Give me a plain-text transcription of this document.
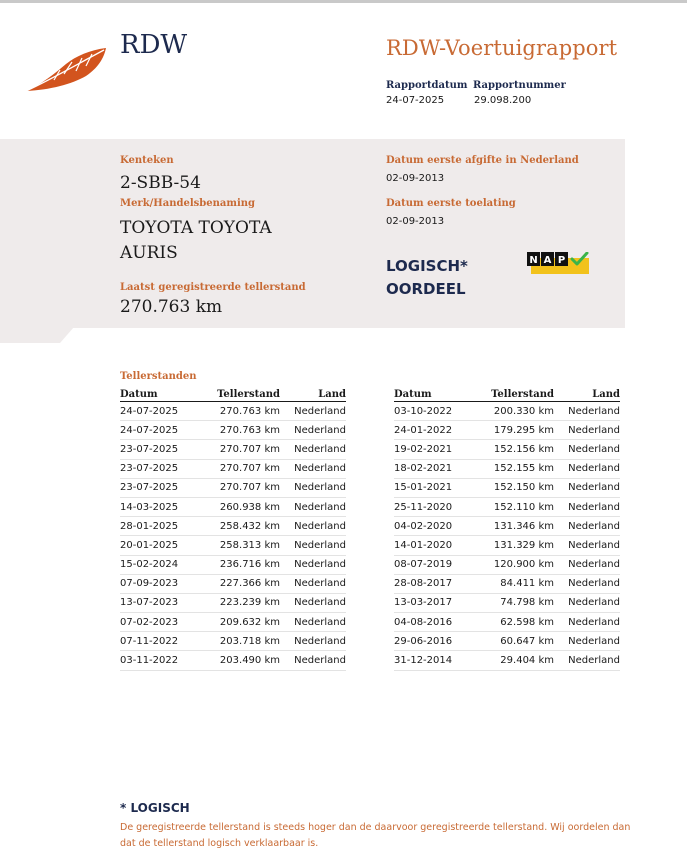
RDW	RDW-Voertuigrapport
Rapportdatum Rapportnummer
24-07-2025	29.098.200
Kenteken
2-SBB-54
Merk/Handelsbenaming
TOYOTA TOYOTA
AURIS
Laatst geregistreerde tellerstand
270.763 km
Datum eerste afgifte in Nederland
02-09-2013
Datum eerste toelating
02-09-2013
LOGISCH*
OORDEEL
N A P
Tellerstanden
Datum	Tellerstand	Land
24-07-2025	270.763 km	Nederland
24-07-2025	270.763 km	Nederland
23-07-2025	270.707 km	Nederland
23-07-2025	270.707 km	Nederland
23-07-2025	270.707 km	Nederland
14-03-2025	260.938 km	Nederland
28-01-2025	258.432 km	Nederland
20-01-2025	258.313 km	Nederland
15-02-2024	236.716 km	Nederland
07-09-2023	227.366 km	Nederland
13-07-2023	223.239 km	Nederland
07-02-2023	209.632 km	Nederland
07-11-2022	203.718 km	Nederland
03-11-2022	203.490 km	Nederland
Datum	Tellerstand	Land
03-10-2022	200.330 km	Nederland
24-01-2022	179.295 km	Nederland
19-02-2021	152.156 km	Nederland
18-02-2021	152.155 km	Nederland
15-01-2021	152.150 km	Nederland
25-11-2020	152.110 km	Nederland
04-02-2020	131.346 km	Nederland
14-01-2020	131.329 km	Nederland
08-07-2019	120.900 km	Nederland
28-08-2017	84.411 km	Nederland
13-03-2017	74.798 km	Nederland
04-08-2016	62.598 km	Nederland
29-06-2016	60.647 km	Nederland
31-12-2014	29.404 km	Nederland
* LOGISCH
De geregistreerde tellerstand is steeds hoger dan de daarvoor geregistreerde tellerstand. Wij oordelen dan dat de tellerstand logisch verklaarbaar is.
